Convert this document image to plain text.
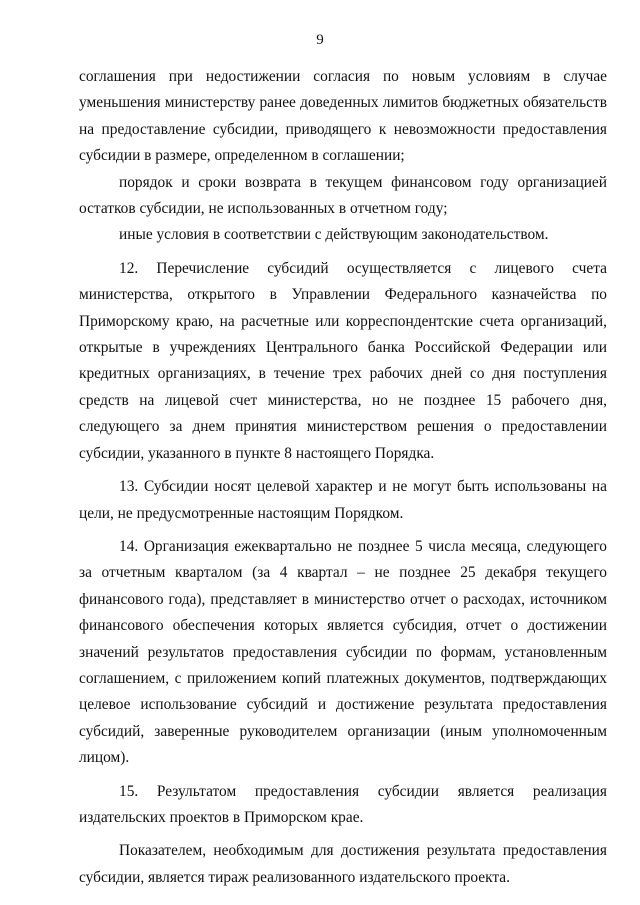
9

соглашения при недостижении согласия по новым условиям в случае уменьшения министерству ранее доведенных лимитов бюджетных обязательств на предоставление субсидии, приводящего к невозможности предоставления субсидии в размере, определенном в соглашении;

порядок и сроки возврата в текущем финансовом году организацией остатков субсидии, не использованных в отчетном году;

иные условия в соответствии с действующим законодательством.

12. Перечисление субсидий осуществляется с лицевого счета министерства, открытого в Управлении Федерального казначейства по Приморскому краю, на расчетные или корреспондентские счета организаций, открытые в учреждениях Центрального банка Российской Федерации или кредитных организациях, в течение трех рабочих дней со дня поступления средств на лицевой счет министерства, но не позднее 15 рабочего дня, следующего за днем принятия министерством решения о предоставлении субсидии, указанного в пункте 8 настоящего Порядка.

13. Субсидии носят целевой характер и не могут быть использованы на цели, не предусмотренные настоящим Порядком.

14. Организация ежеквартально не позднее 5 числа месяца, следующего за отчетным кварталом (за 4 квартал – не позднее 25 декабря текущего финансового года), представляет в министерство отчет о расходах, источником финансового обеспечения которых является субсидия, отчет о достижении значений результатов предоставления субсидии по формам, установленным соглашением, с приложением копий платежных документов, подтверждающих целевое использование субсидий и достижение результата предоставления субсидий, заверенные руководителем организации (иным уполномоченным лицом).

15. Результатом предоставления субсидии является реализация издательских проектов в Приморском крае.

Показателем, необходимым для достижения результата предоставления субсидии, является тираж реализованного издательского проекта.
